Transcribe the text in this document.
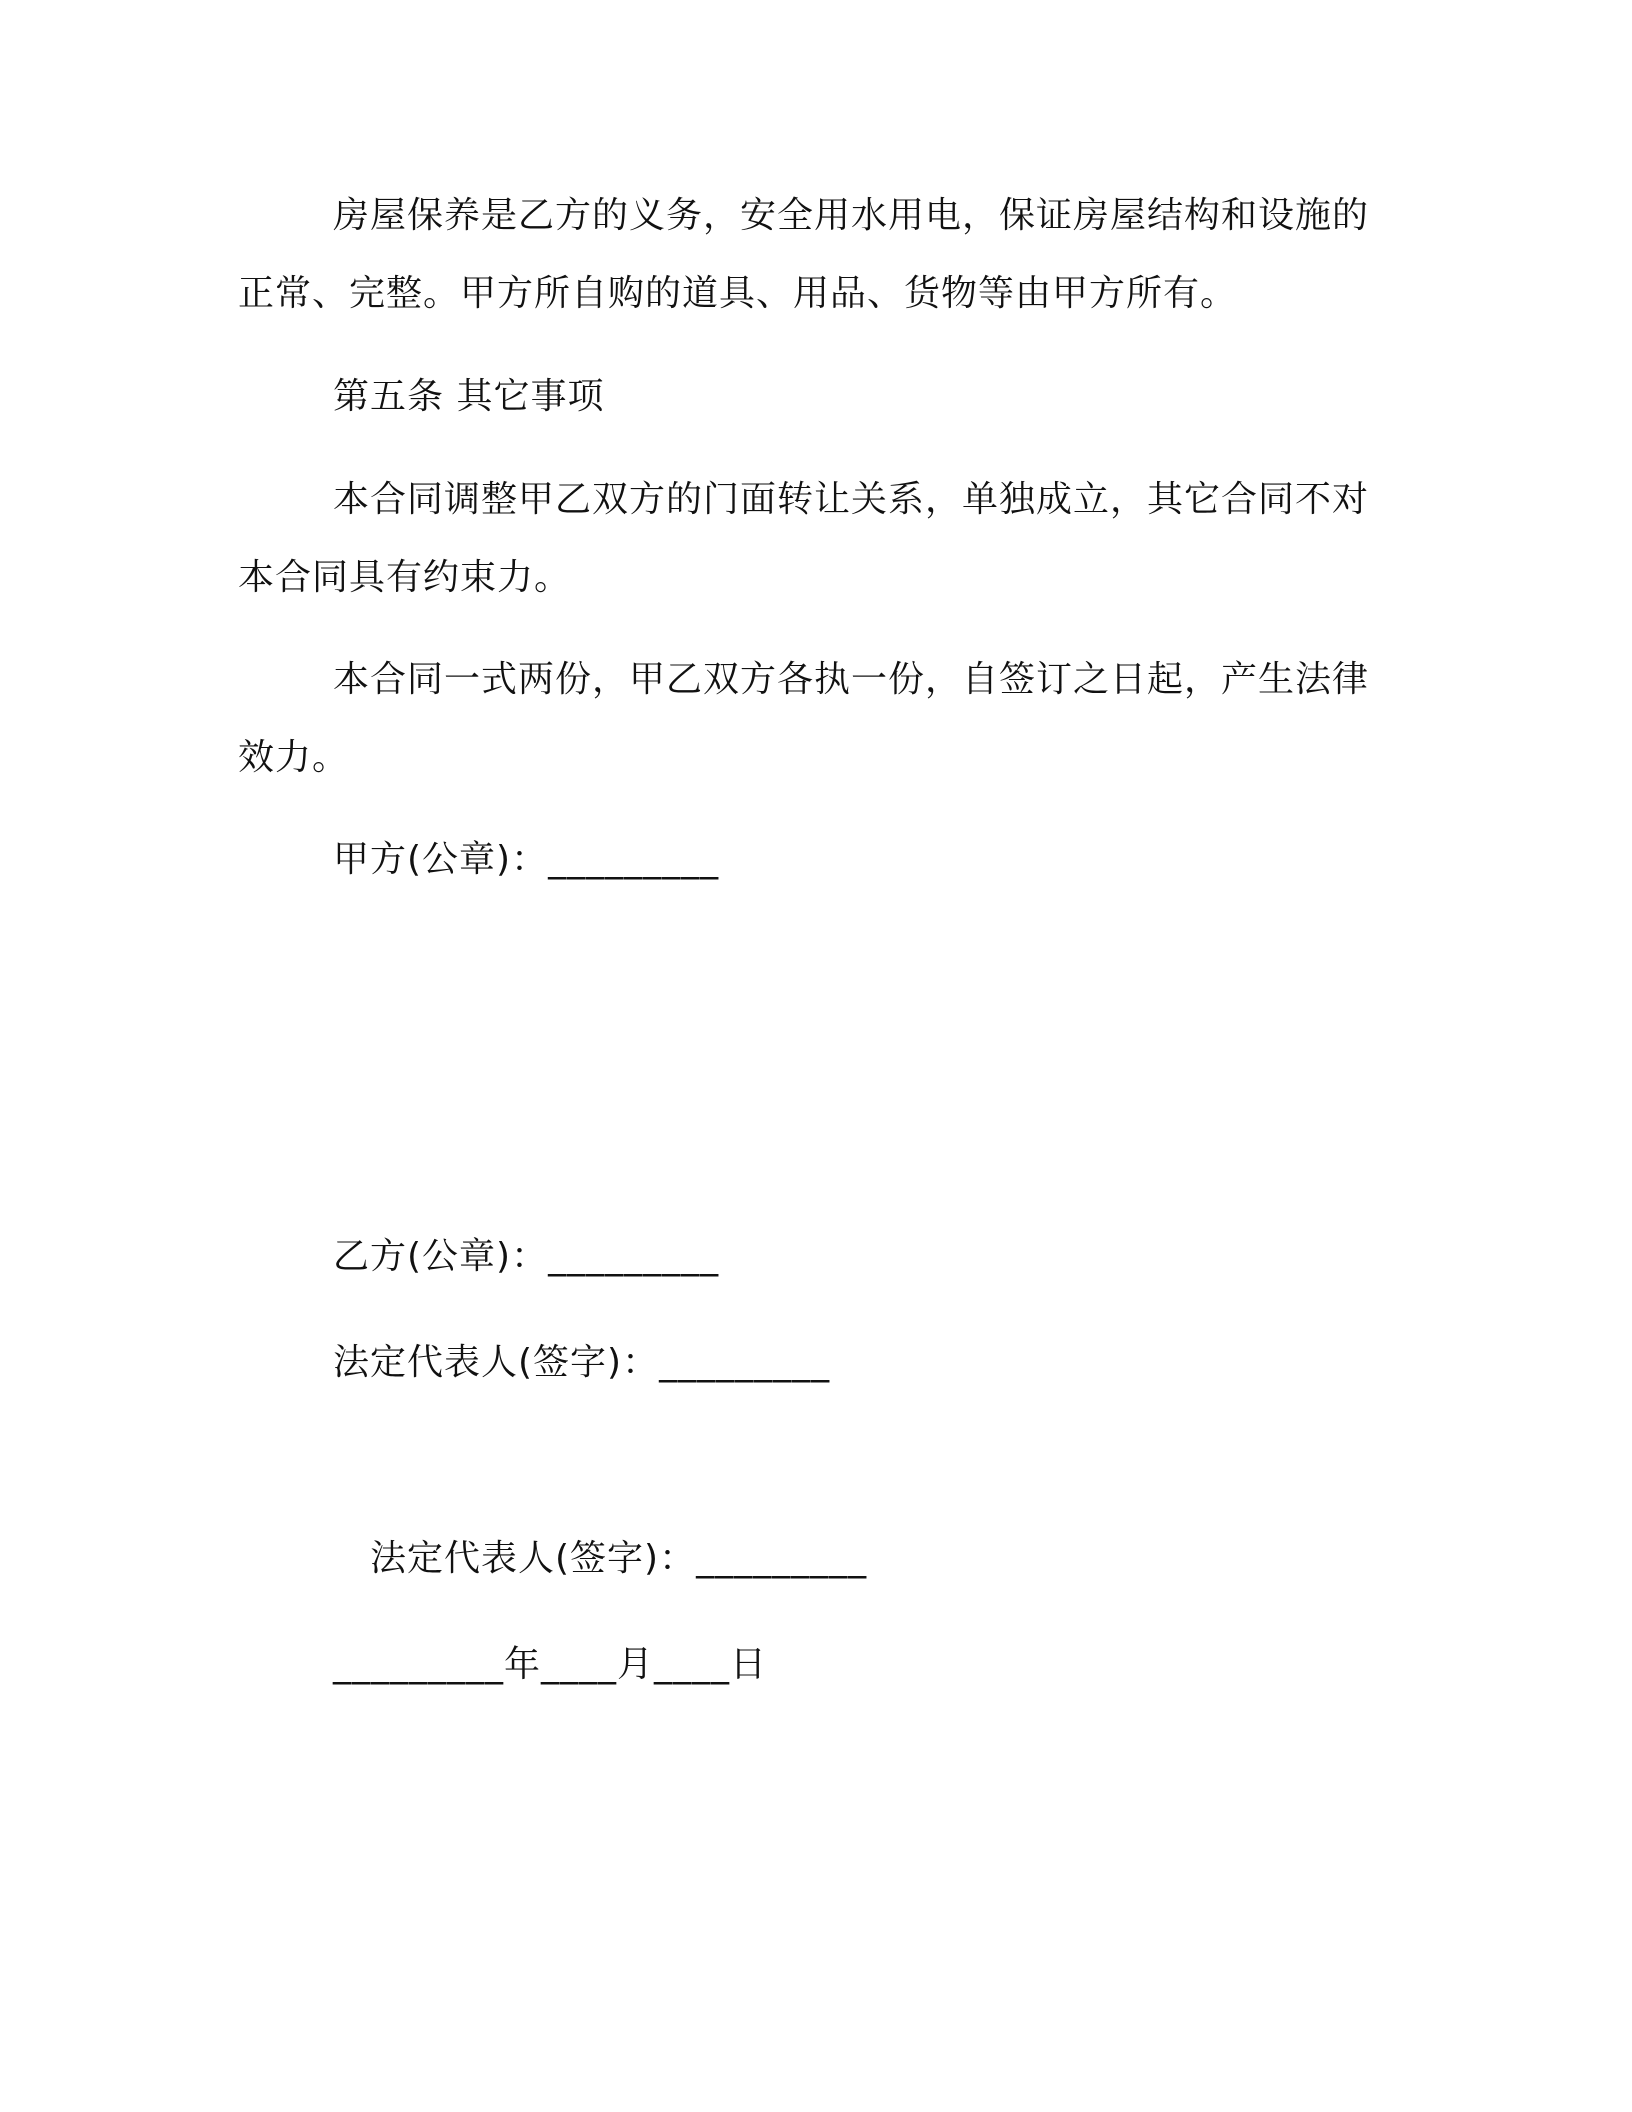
房屋保养是乙方的义务，安全用水用电，保证房屋结构和设施的
正常、完整。甲方所自购的道具、用品、货物等由甲方所有。
第五条 其它事项
本合同调整甲乙双方的门面转让关系，单独成立，其它合同不对
本合同具有约束力。
本合同一式两份，甲乙双方各执一份，自签订之日起，产生法律
效力。
甲方(公章)：_________
乙方(公章)：_________
法定代表人(签字)：_________
法定代表人(签字)：_________
_________年____月____日
